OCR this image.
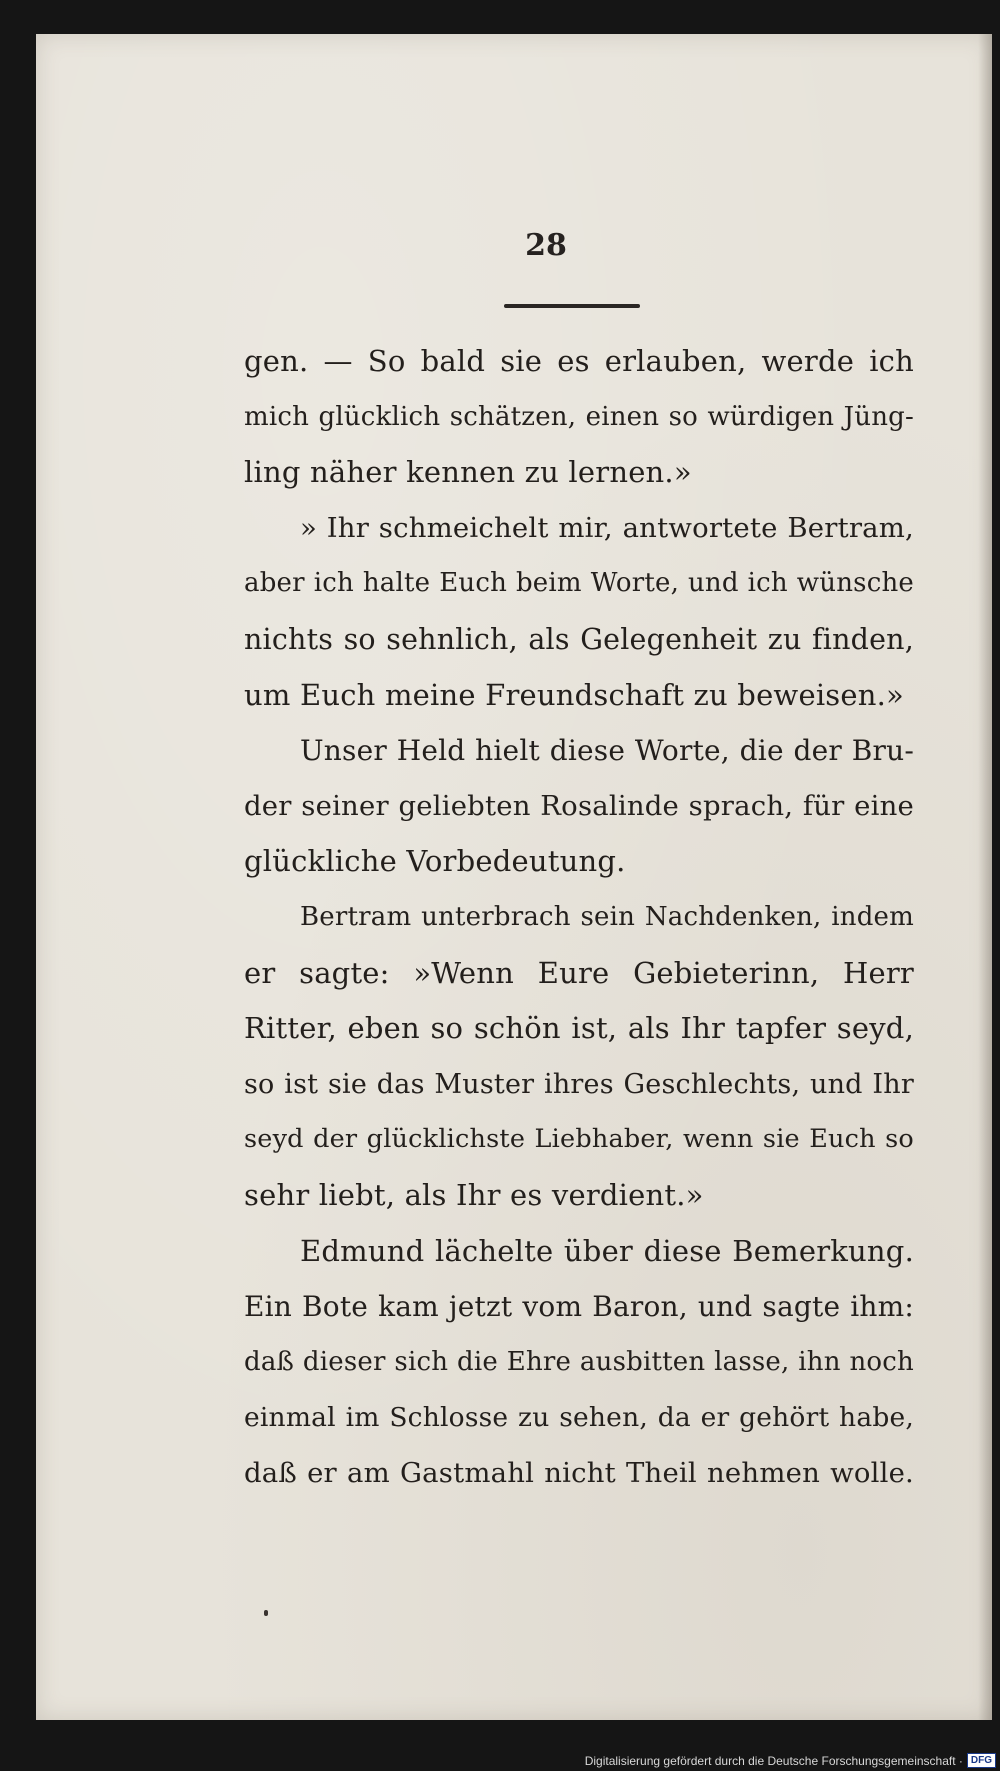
28
gen. — So bald sie es erlauben, werde ich
mich glücklich schätzen, einen so würdigen Jüng-
ling näher kennen zu lernen.»
» Ihr schmeichelt mir, antwortete Bertram,
aber ich halte Euch beim Worte, und ich wünsche
nichts so sehnlich, als Gelegenheit zu finden,
um Euch meine Freundschaft zu beweisen.»
Unser Held hielt diese Worte, die der Bru-
der seiner geliebten Rosalinde sprach, für eine
glückliche Vorbedeutung.
Bertram unterbrach sein Nachdenken, indem
er sagte: »Wenn Eure Gebieterinn, Herr
Ritter, eben so schön ist, als Ihr tapfer seyd,
so ist sie das Muster ihres Geschlechts, und Ihr
seyd der glücklichste Liebhaber, wenn sie Euch so
sehr liebt, als Ihr es verdient.»
Edmund lächelte über diese Bemerkung.
Ein Bote kam jetzt vom Baron, und sagte ihm:
daß dieser sich die Ehre ausbitten lasse, ihn noch
einmal im Schlosse zu sehen, da er gehört habe,
daß er am Gastmahl nicht Theil nehmen wolle.
Digitalisierung gefördert durch die Deutsche Forschungsgemeinschaft · DFG
